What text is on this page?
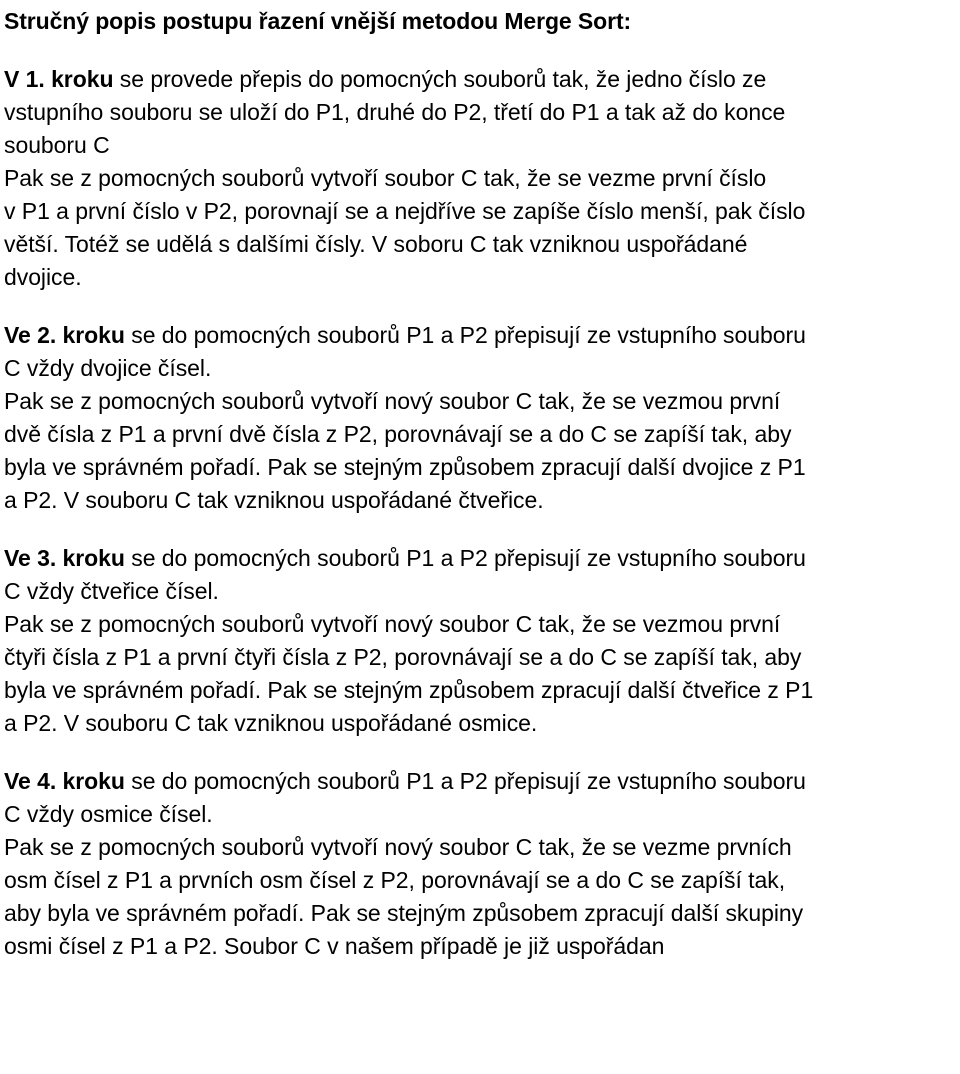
Stručný popis postupu řazení vnější metodou Merge Sort:
V 1. kroku se provede přepis do pomocných souborů tak, že jedno číslo ze
vstupního souboru se uloží do P1, druhé do P2, třetí do P1 a tak až do konce
souboru C
Pak se z pomocných souborů vytvoří soubor C tak, že se vezme první číslo
v P1 a první číslo v P2, porovnají se a nejdříve se zapíše číslo menší, pak číslo
větší. Totéž se udělá s dalšími čísly. V soboru C tak vzniknou uspořádané
dvojice.
Ve 2. kroku se do pomocných souborů P1 a P2 přepisují ze vstupního souboru
C vždy dvojice čísel.
Pak se z pomocných souborů vytvoří nový soubor C tak, že se vezmou první
dvě čísla z P1 a první dvě čísla z P2, porovnávají se a do C se zapíší tak, aby
byla ve správném pořadí. Pak se stejným způsobem zpracují další dvojice z P1
a P2. V souboru C tak vzniknou uspořádané čtveřice.
Ve 3. kroku se do pomocných souborů P1 a P2 přepisují ze vstupního souboru
C vždy čtveřice čísel.
Pak se z pomocných souborů vytvoří nový soubor C tak, že se vezmou první
čtyři čísla z P1 a první čtyři čísla z P2, porovnávají se a do C se zapíší tak, aby
byla ve správném pořadí. Pak se stejným způsobem zpracují další čtveřice z P1
a P2. V souboru C tak vzniknou uspořádané osmice.
Ve 4. kroku se do pomocných souborů P1 a P2 přepisují ze vstupního souboru
C vždy osmice čísel.
Pak se z pomocných souborů vytvoří nový soubor C tak, že se vezme prvních
osm čísel z P1 a prvních osm čísel z P2, porovnávají se a do C se zapíší tak,
aby byla ve správném pořadí. Pak se stejným způsobem zpracují další skupiny
osmi čísel z P1 a P2. Soubor C v našem případě je již uspořádan
